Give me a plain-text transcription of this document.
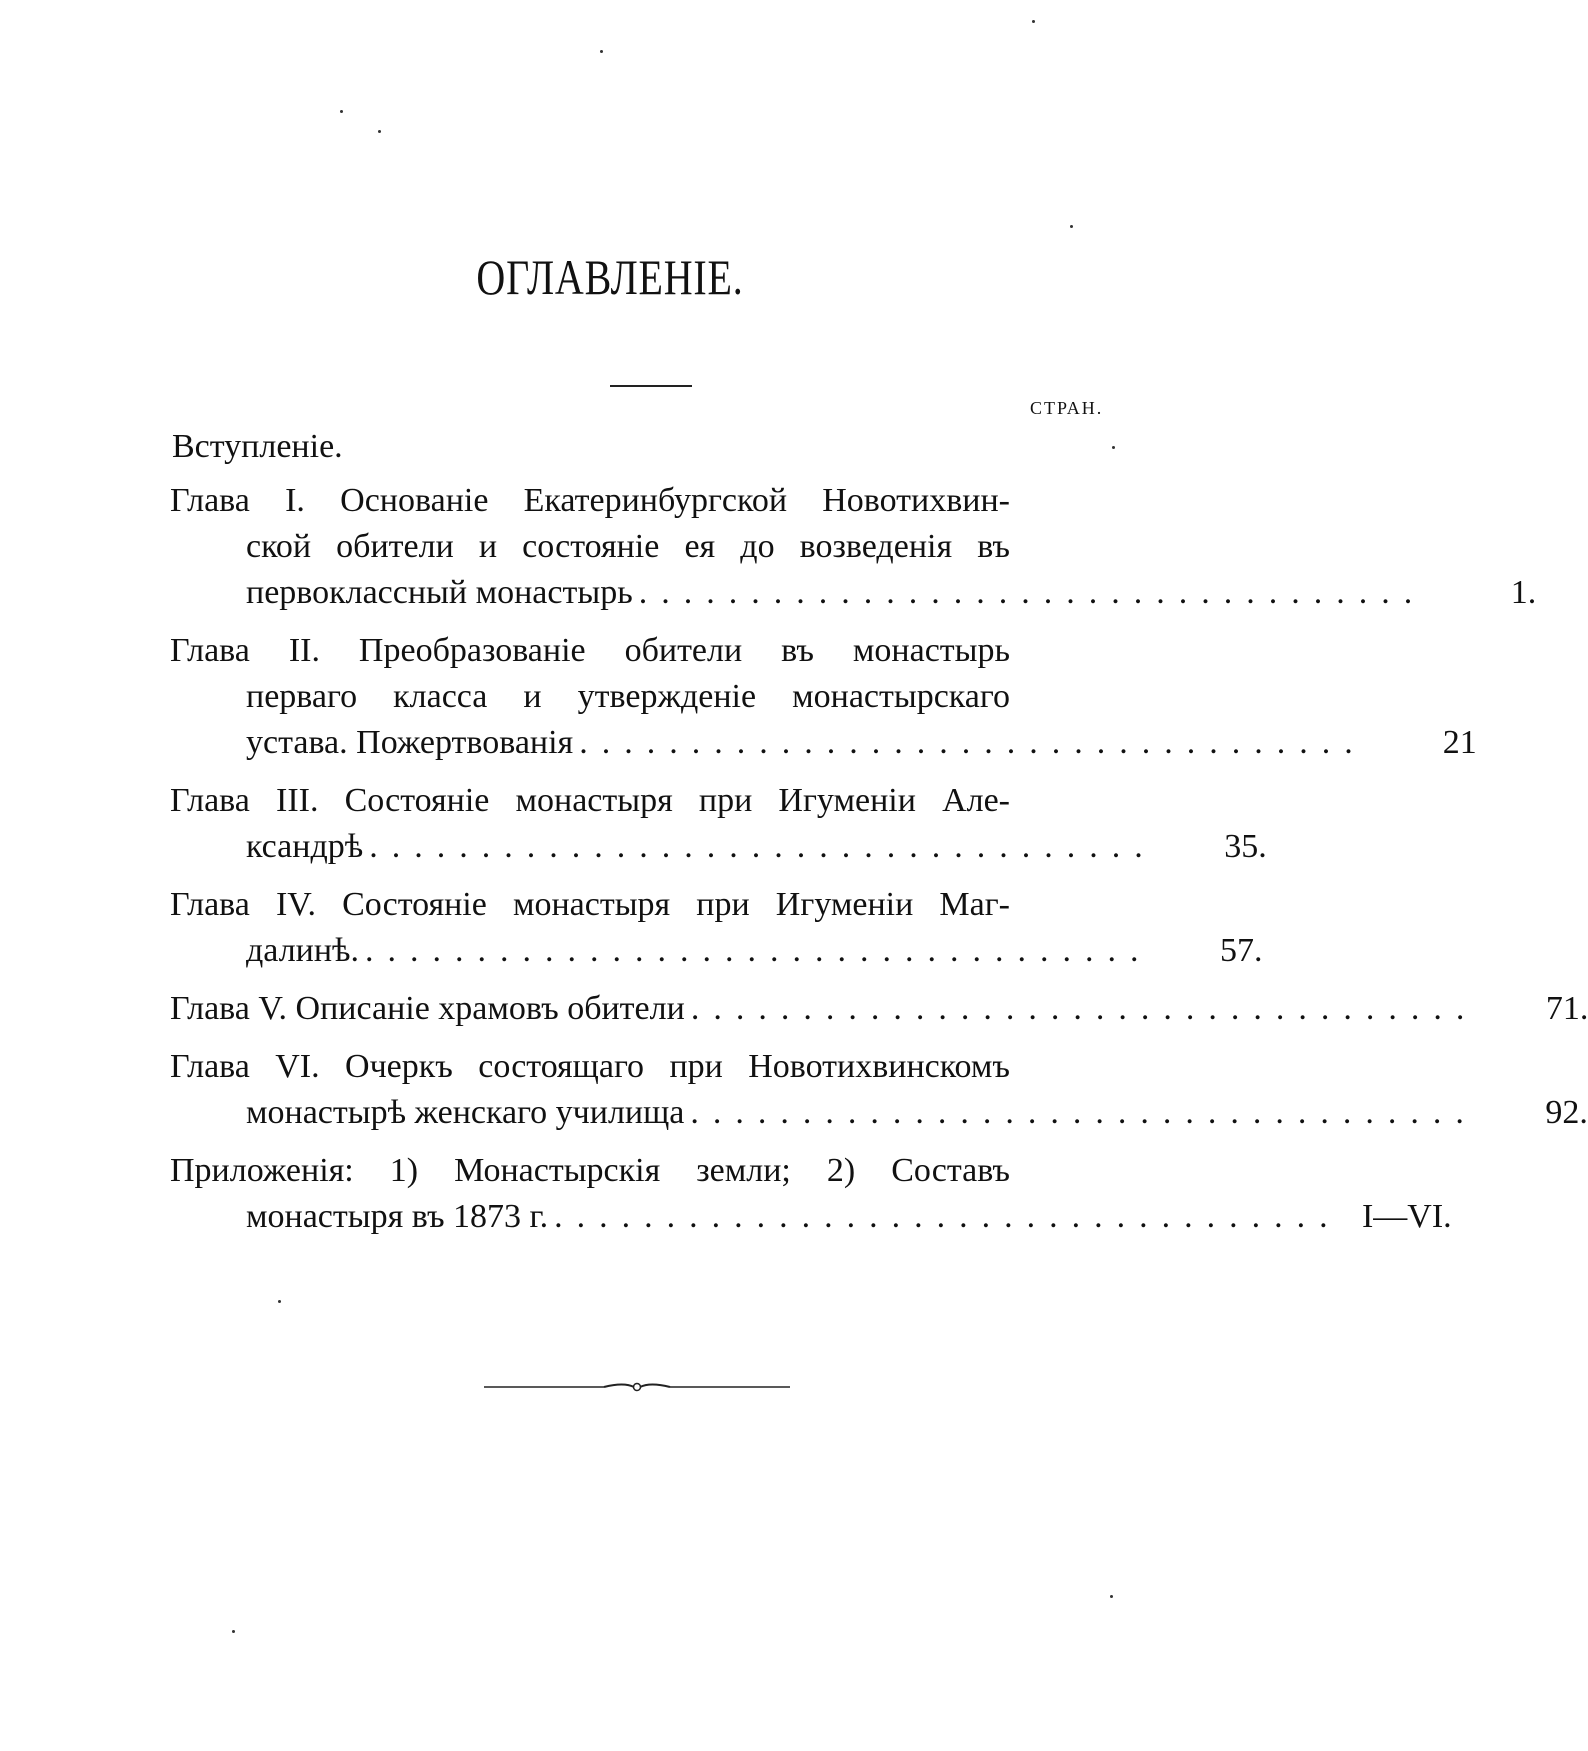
ОГЛАВЛЕНІЕ.
СТРАН.
Вступленіе.
Глава I. Основаніе Екатеринбургской Новотихвин-
ской обители и состояніе ея до возведенія въ
первоклассный монастырь ...................................	1.
Глава II. Преобразованіе обители въ монастырь
перваго класса и утвержденіе монастырскаго
устава. Пожертвованія ...................................	21
Глава III. Состояніе монастыря при Игуменіи Але-
ксандрѣ ...................................	35.
Глава IV. Состояніе монастыря при Игуменіи Маг-
далинѣ. ...................................	57.
Глава V. Описаніе храмовъ обители ...................................	71.
Глава VI. Очеркъ состоящаго при Новотихвинскомъ
монастырѣ женскаго училища ...................................	92.
Приложенія: 1) Монастырскія земли; 2) Составъ
монастыря въ 1873 г. ................................... I—VI.
